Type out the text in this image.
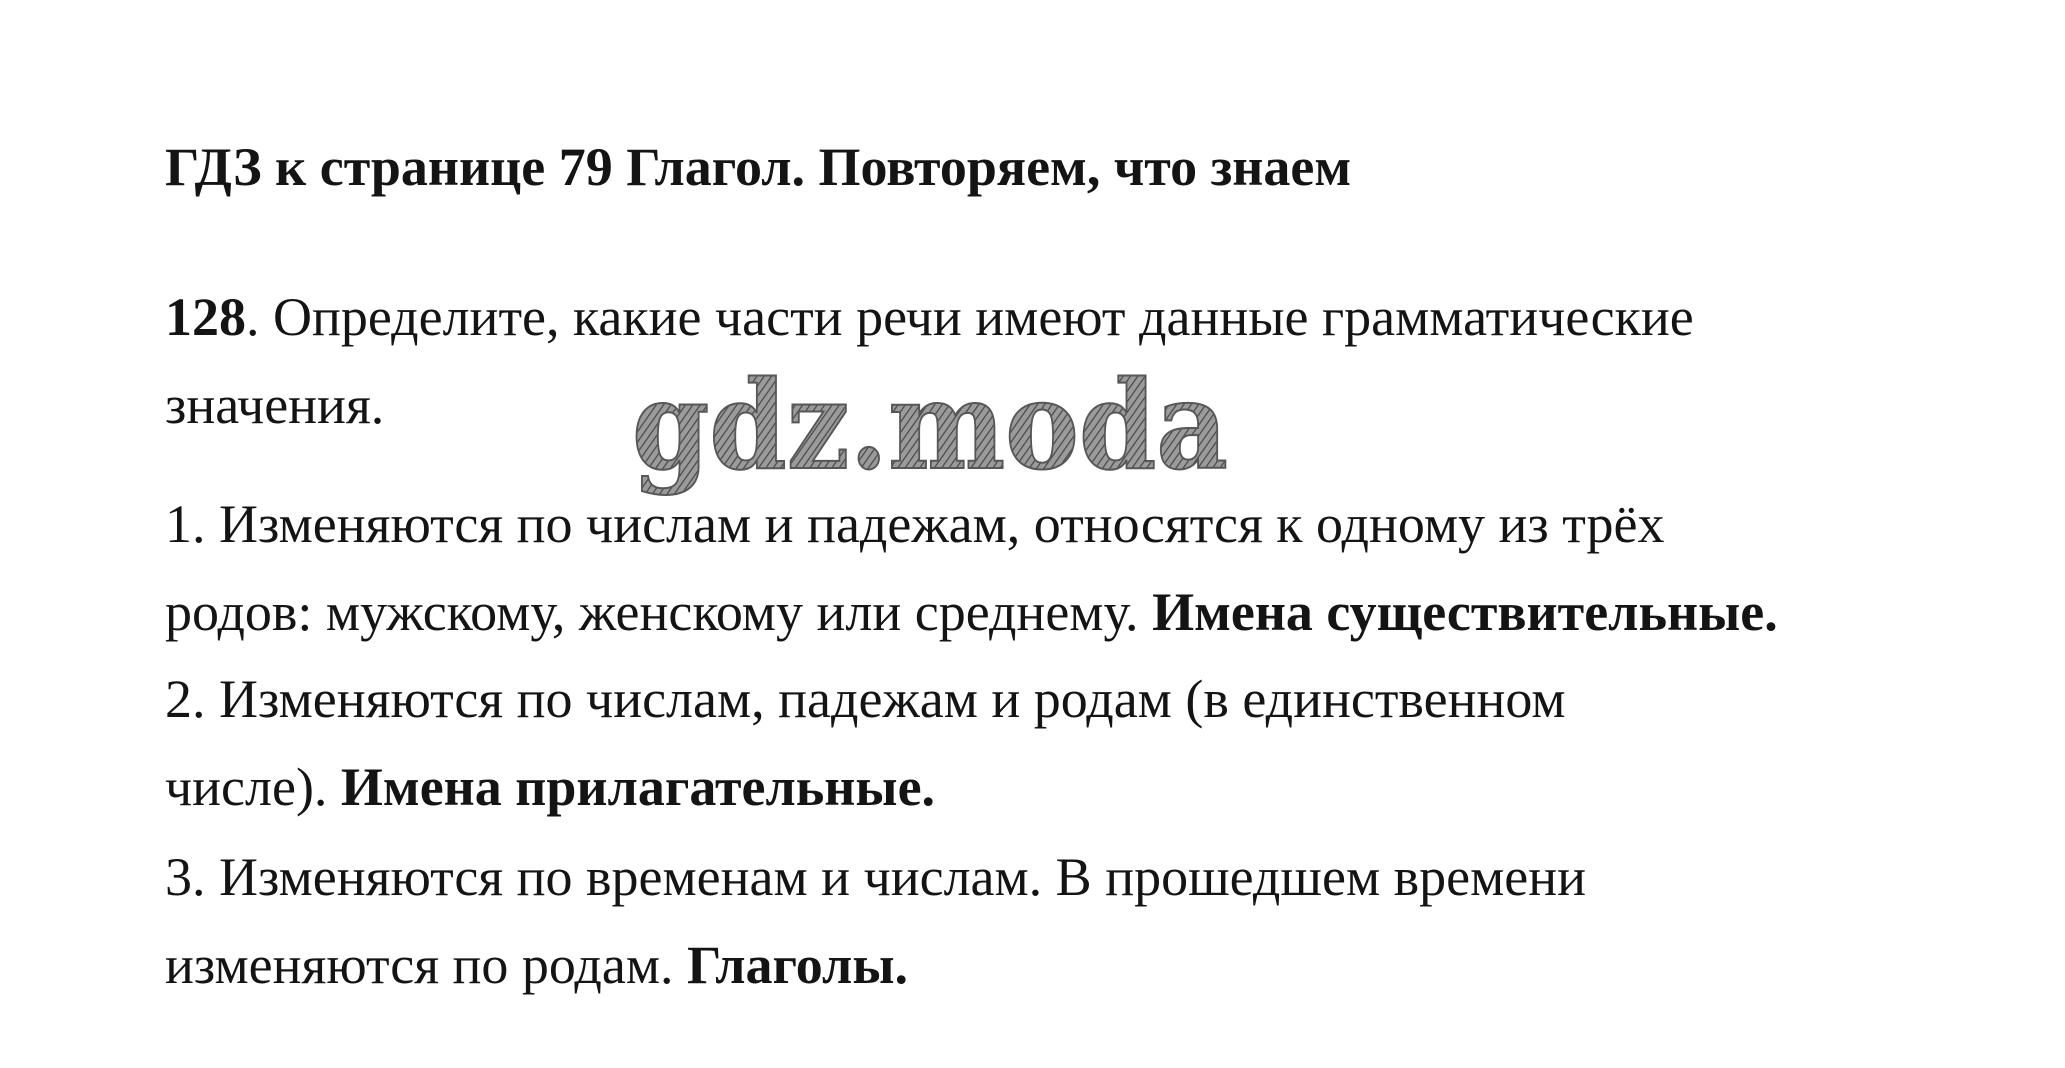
ГДЗ к странице 79 Глагол. Повторяем, что знаем
128. Определите, какие части речи имеют данные грамматические
значения.
1. Изменяются по числам и падежам, относятся к одному из трёх
родов: мужскому, женскому или среднему. Имена существительные.
2. Изменяются по числам, падежам и родам (в единственном
числе). Имена прилагательные.
3. Изменяются по временам и числам. В прошедшем времени
изменяются по родам. Глаголы.
gdz.moda
